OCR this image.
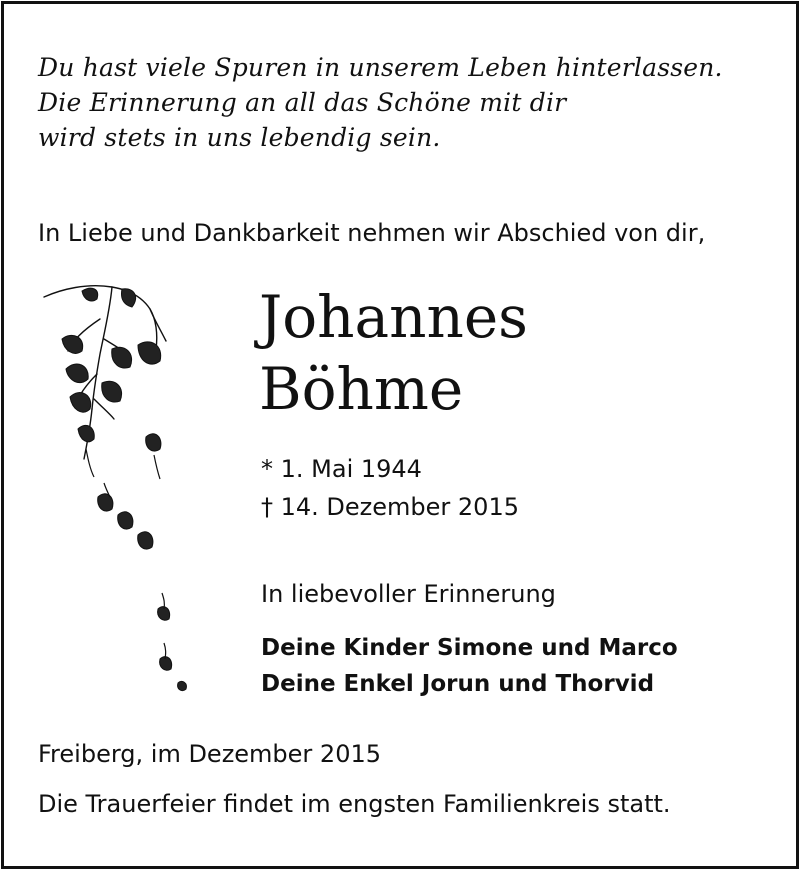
Du hast viele Spuren in unserem Leben hinterlassen.
Die Erinnerung an all das Schöne mit dir
wird stets in uns lebendig sein.
In Liebe und Dankbarkeit nehmen wir Abschied von dir,
Johannes
Böhme
* 1. Mai 1944
† 14. Dezember 2015
In liebevoller Erinnerung
Deine Kinder Simone und Marco
Deine Enkel Jorun und Thorvid
Freiberg, im Dezember 2015
Die Trauerfeier findet im engsten Familienkreis statt.
